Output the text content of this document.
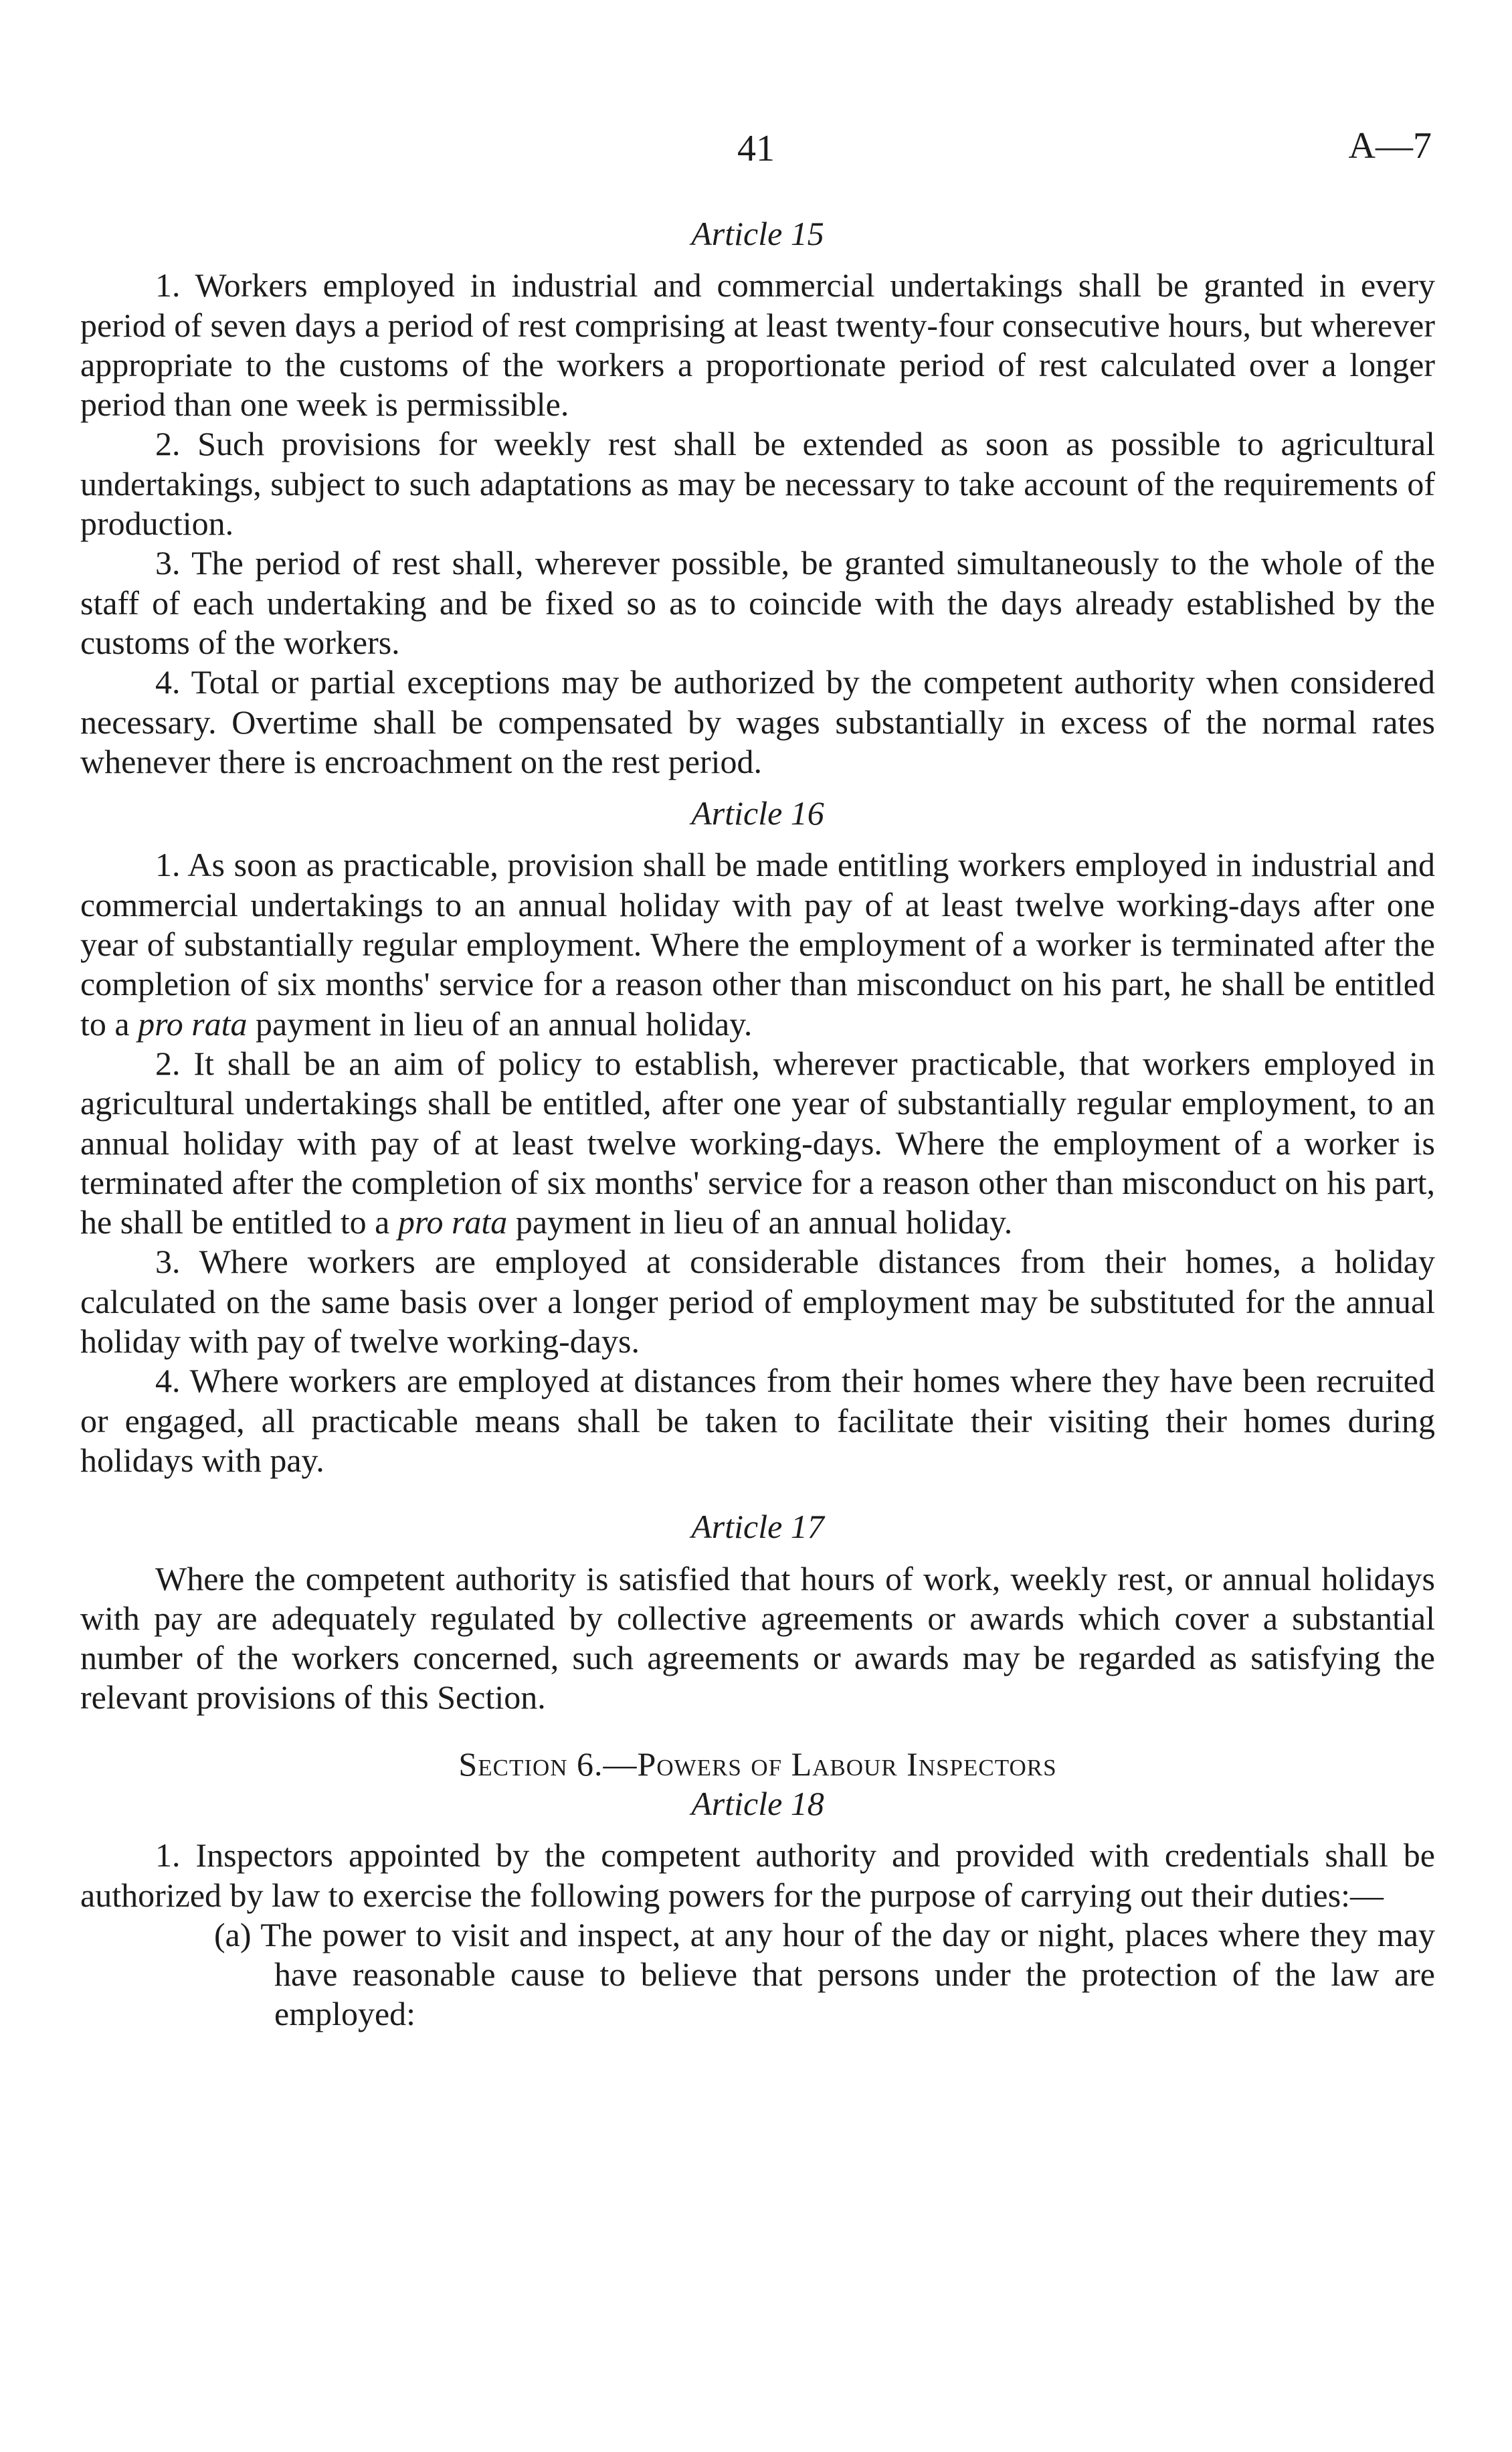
41	A—7

Article 15

1. Workers employed in industrial and commercial undertakings shall be granted in every period of seven days a period of rest comprising at least twenty-four consecutive hours, but wherever appropriate to the customs of the workers a proportionate period of rest calculated over a longer period than one week is permissible.

2. Such provisions for weekly rest shall be extended as soon as possible to agricultural undertakings, subject to such adaptations as may be necessary to take account of the requirements of production.

3. The period of rest shall, wherever possible, be granted simultaneously to the whole of the staff of each undertaking and be fixed so as to coincide with the days already established by the customs of the workers.

4. Total or partial exceptions may be authorized by the competent authority when considered necessary. Overtime shall be compensated by wages substantially in excess of the normal rates whenever there is encroachment on the rest period.

Article 16

1. As soon as practicable, provision shall be made entitling workers employed in industrial and commercial undertakings to an annual holiday with pay of at least twelve working-days after one year of substantially regular employment. Where the employment of a worker is terminated after the completion of six months' service for a reason other than misconduct on his part, he shall be entitled to a pro rata payment in lieu of an annual holiday.

2. It shall be an aim of policy to establish, wherever practicable, that workers employed in agricultural undertakings shall be entitled, after one year of substantially regular employment, to an annual holiday with pay of at least twelve working-days. Where the employment of a worker is terminated after the completion of six months' service for a reason other than misconduct on his part, he shall be entitled to a pro rata payment in lieu of an annual holiday.

3. Where workers are employed at considerable distances from their homes, a holiday calculated on the same basis over a longer period of employment may be substituted for the annual holiday with pay of twelve working-days.

4. Where workers are employed at distances from their homes where they have been recruited or engaged, all practicable means shall be taken to facilitate their visiting their homes during holidays with pay.

Article 17

Where the competent authority is satisfied that hours of work, weekly rest, or annual holidays with pay are adequately regulated by collective agreements or awards which cover a substantial number of the workers concerned, such agreements or awards may be regarded as satisfying the relevant provisions of this Section.

Section 6.—Powers of Labour Inspectors

Article 18

1. Inspectors appointed by the competent authority and provided with credentials shall be authorized by law to exercise the following powers for the purpose of carrying out their duties:—

(a) The power to visit and inspect, at any hour of the day or night, places where they may have reasonable cause to believe that persons under the protection of the law are employed:
